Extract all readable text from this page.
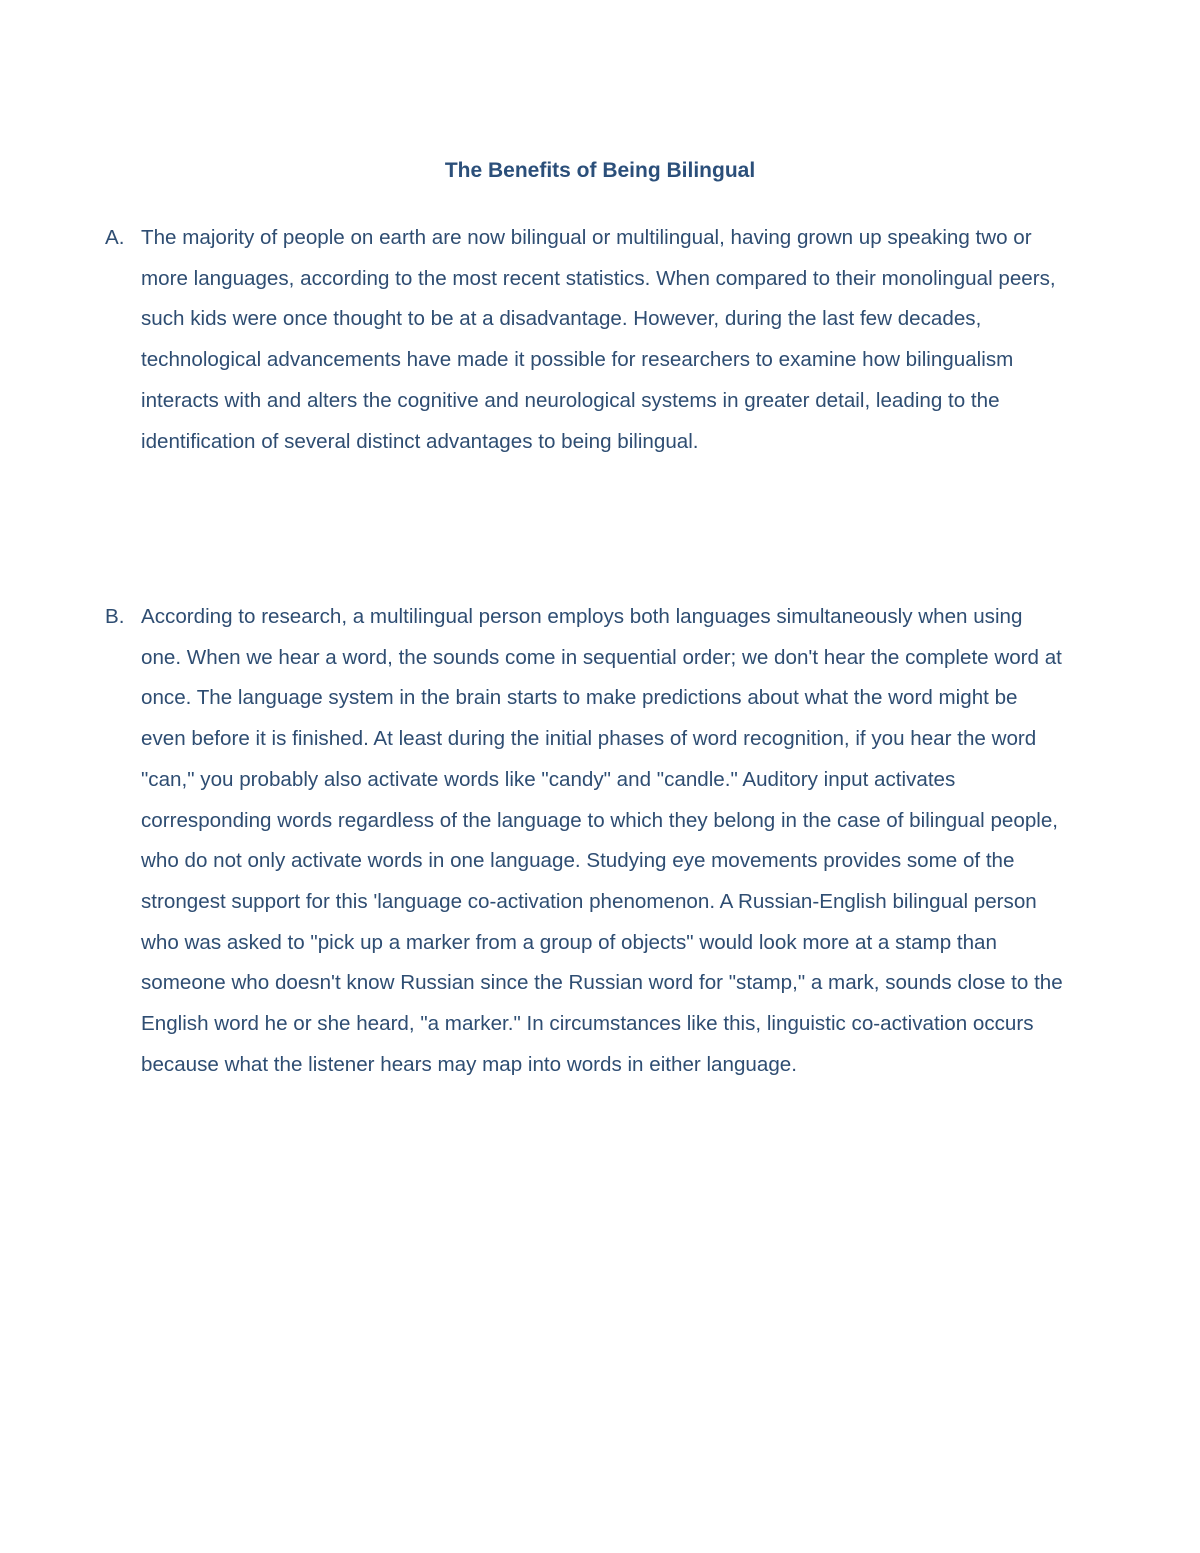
The Benefits of Being Bilingual
A. The majority of people on earth are now bilingual or multilingual, having grown up speaking two or more languages, according to the most recent statistics. When compared to their monolingual peers, such kids were once thought to be at a disadvantage. However, during the last few decades, technological advancements have made it possible for researchers to examine how bilingualism interacts with and alters the cognitive and neurological systems in greater detail, leading to the identification of several distinct advantages to being bilingual.

B. According to research, a multilingual person employs both languages simultaneously when using one. When we hear a word, the sounds come in sequential order; we don't hear the complete word at once. The language system in the brain starts to make predictions about what the word might be even before it is finished. At least during the initial phases of word recognition, if you hear the word "can," you probably also activate words like "candy" and "candle." Auditory input activates corresponding words regardless of the language to which they belong in the case of bilingual people, who do not only activate words in one language. Studying eye movements provides some of the strongest support for this 'language co-activation phenomenon. A Russian-English bilingual person who was asked to "pick up a marker from a group of objects" would look more at a stamp than someone who doesn't know Russian since the Russian word for "stamp," a mark, sounds close to the English word he or she heard, "a marker." In circumstances like this, linguistic co-activation occurs because what the listener hears may map into words in either language.
